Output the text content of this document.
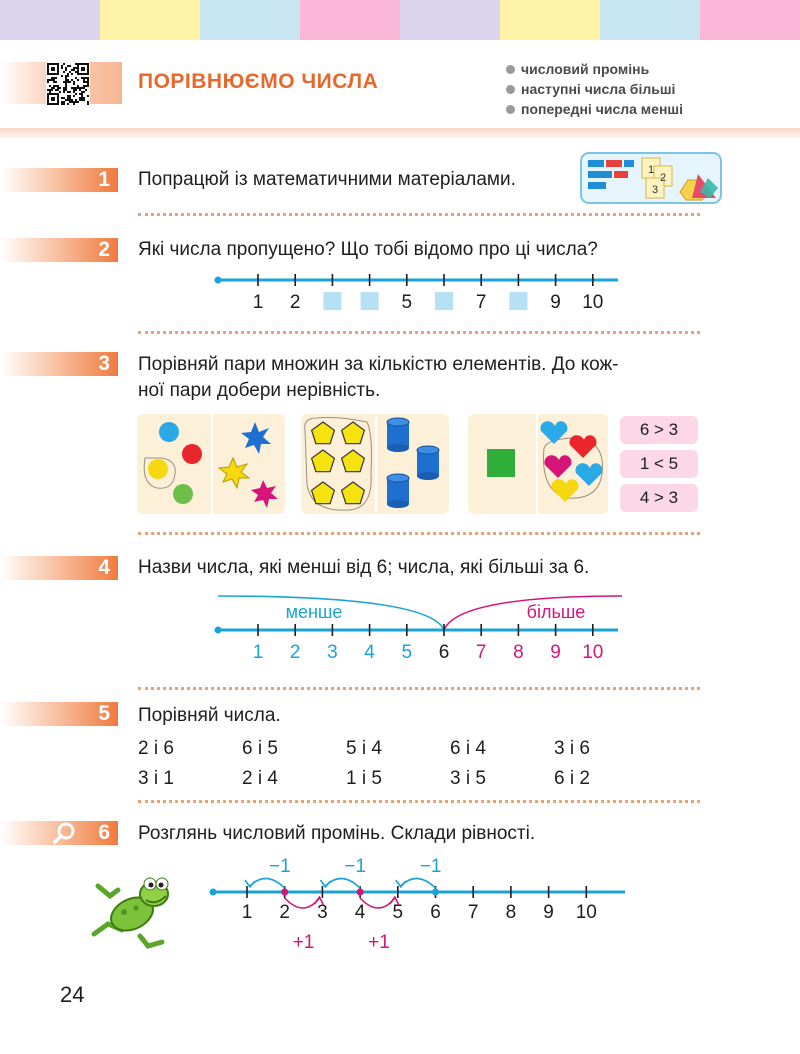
ПОРІВНЮЄМО ЧИСЛА
числовий промінь
наступні числа більші
попередні числа менші
1	Попрацюй із математичними матеріалами.	1
2
3
2	Які числа пропущено? Що тобі відомо про ці числа?
1 2	5	7	9 10
3	Порівняй пари множин за кількістю елементів. До кож-
ної пари добери нерівність.
6 > 3
1 < 5
4 > 3
4	Назви числа, які менші від 6; числа, які більші за 6.
менше	більше
1 2 3 4 5 6 7 8 9 10
5	Порівняй числа.
2 і 6	6 і 5	5 і 4	6 і 4	3 і 6
3 і 1	2 і 4	1 і 5	3 і 5	6 і 2
6	Розглянь числовий промінь. Склади рівності.
1 2 3 4 5 6 7 8 9 10
−1	−1	−1
+1	+1
24
